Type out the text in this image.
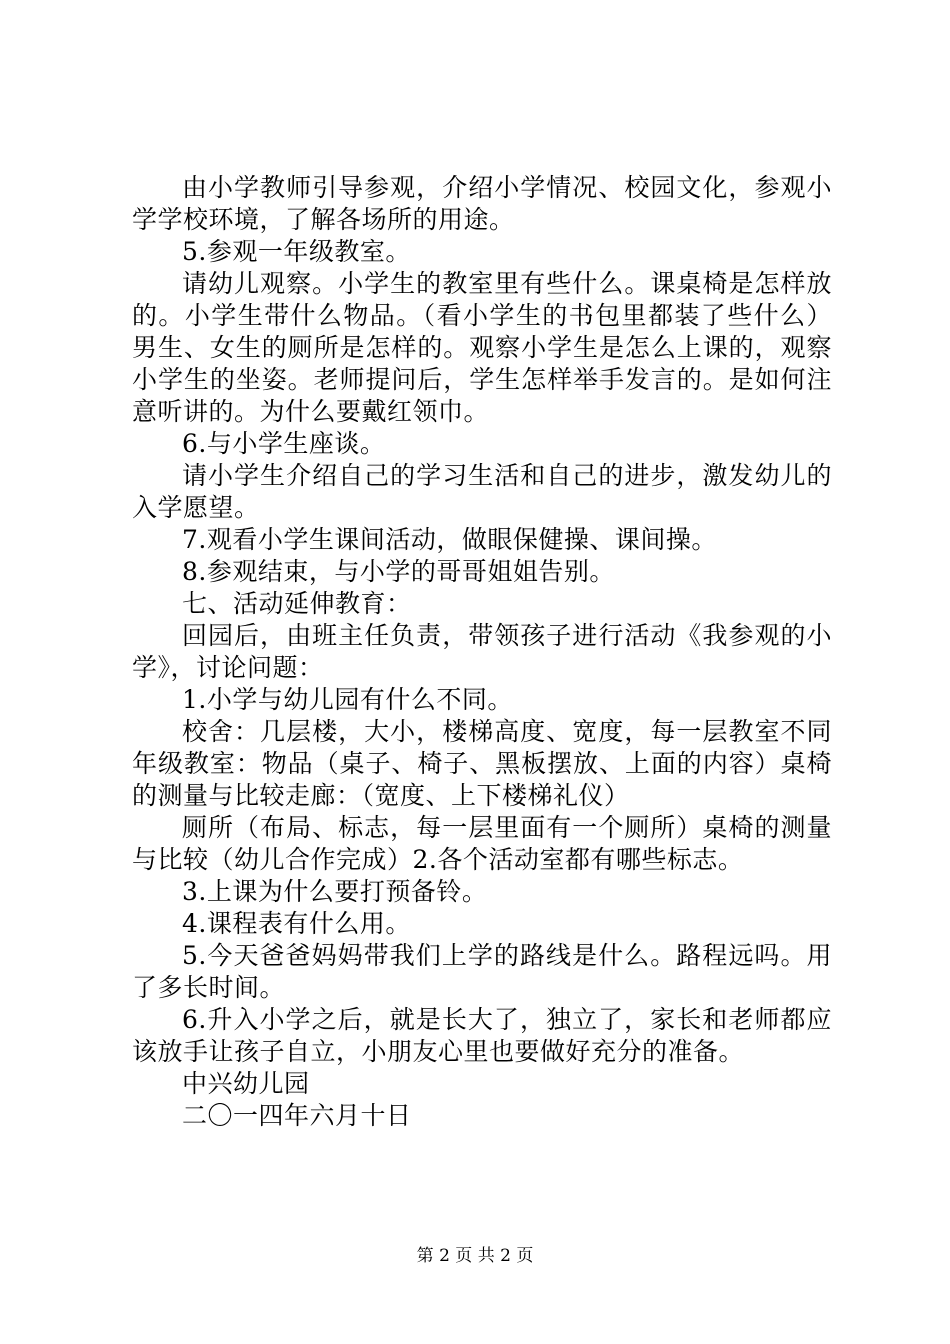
由小学教师引导参观，介绍小学情况、校园文化，参观小学学校环境，了解各场所的用途。

5.参观一年级教室。

请幼儿观察。小学生的教室里有些什么。课桌椅是怎样放的。小学生带什么物品。（看小学生的书包里都装了些什么）男生、女生的厕所是怎样的。观察小学生是怎么上课的，观察小学生的坐姿。老师提问后，学生怎样举手发言的。是如何注意听讲的。为什么要戴红领巾。

6.与小学生座谈。

请小学生介绍自己的学习生活和自己的进步，激发幼儿的入学愿望。

7.观看小学生课间活动，做眼保健操、课间操。

8.参观结束，与小学的哥哥姐姐告别。

七、活动延伸教育：

回园后，由班主任负责，带领孩子进行活动《我参观的小学》，讨论问题：

1.小学与幼儿园有什么不同。

校舍：几层楼，大小，楼梯高度、宽度，每一层教室不同年级教室：物品（桌子、椅子、黑板摆放、上面的内容）桌椅的测量与比较走廊：（宽度、上下楼梯礼仪）

厕所（布局、标志，每一层里面有一个厕所）桌椅的测量与比较（幼儿合作完成）2.各个活动室都有哪些标志。

3.上课为什么要打预备铃。

4.课程表有什么用。

5.今天爸爸妈妈带我们上学的路线是什么。路程远吗。用了多长时间。

6.升入小学之后，就是长大了，独立了，家长和老师都应该放手让孩子自立，小朋友心里也要做好充分的准备。

中兴幼儿园

二〇一四年六月十日

第 2 页 共 2 页
